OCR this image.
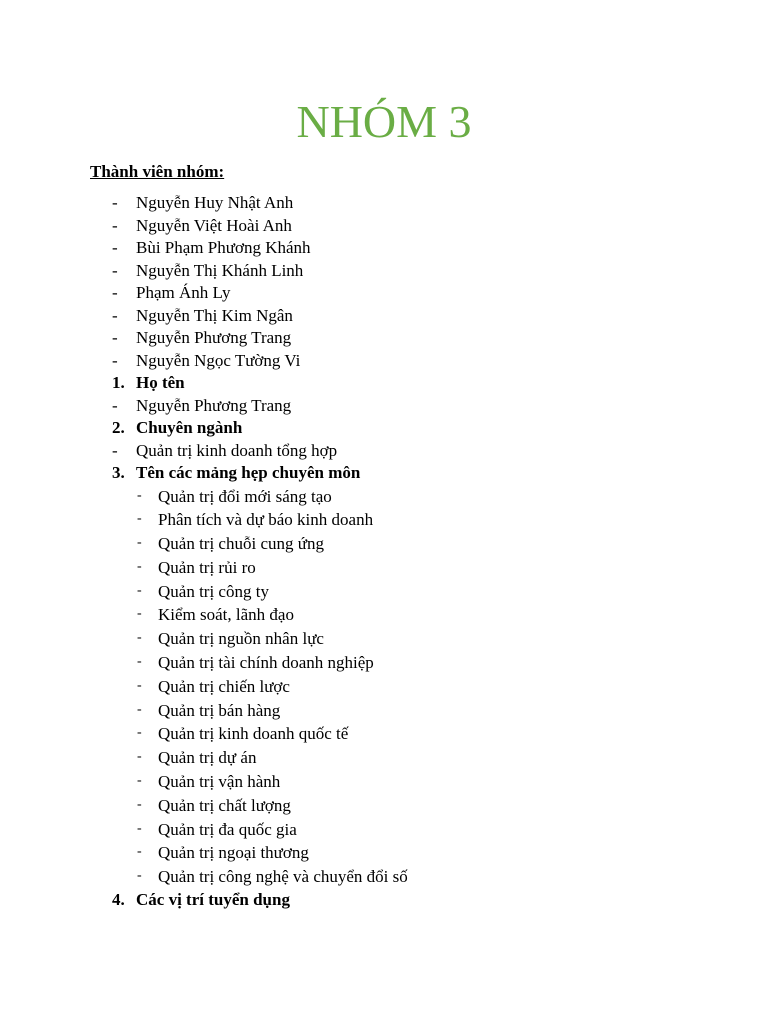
NHÓM 3

Thành viên nhóm:

- Nguyễn Huy Nhật Anh
- Nguyễn Việt Hoài Anh
- Bùi Phạm Phương Khánh
- Nguyễn Thị Khánh Linh
- Phạm Ánh Ly
- Nguyễn Thị Kim Ngân
- Nguyễn Phương Trang
- Nguyễn Ngọc Tường Vi
1. Họ tên
- Nguyễn Phương Trang
2. Chuyên ngành
- Quản trị kinh doanh tổng hợp
3. Tên các mảng hẹp chuyên môn
- Quản trị đổi mới sáng tạo
- Phân tích và dự báo kinh doanh
- Quản trị chuỗi cung ứng
- Quản trị rủi ro
- Quản trị công ty
- Kiểm soát, lãnh đạo
- Quản trị nguồn nhân lực
- Quản trị tài chính doanh nghiệp
- Quản trị chiến lược
- Quản trị bán hàng
- Quản trị kinh doanh quốc tế
- Quản trị dự án
- Quản trị vận hành
- Quản trị chất lượng
- Quản trị đa quốc gia
- Quản trị ngoại thương
- Quản trị công nghệ và chuyển đổi số
4. Các vị trí tuyển dụng
